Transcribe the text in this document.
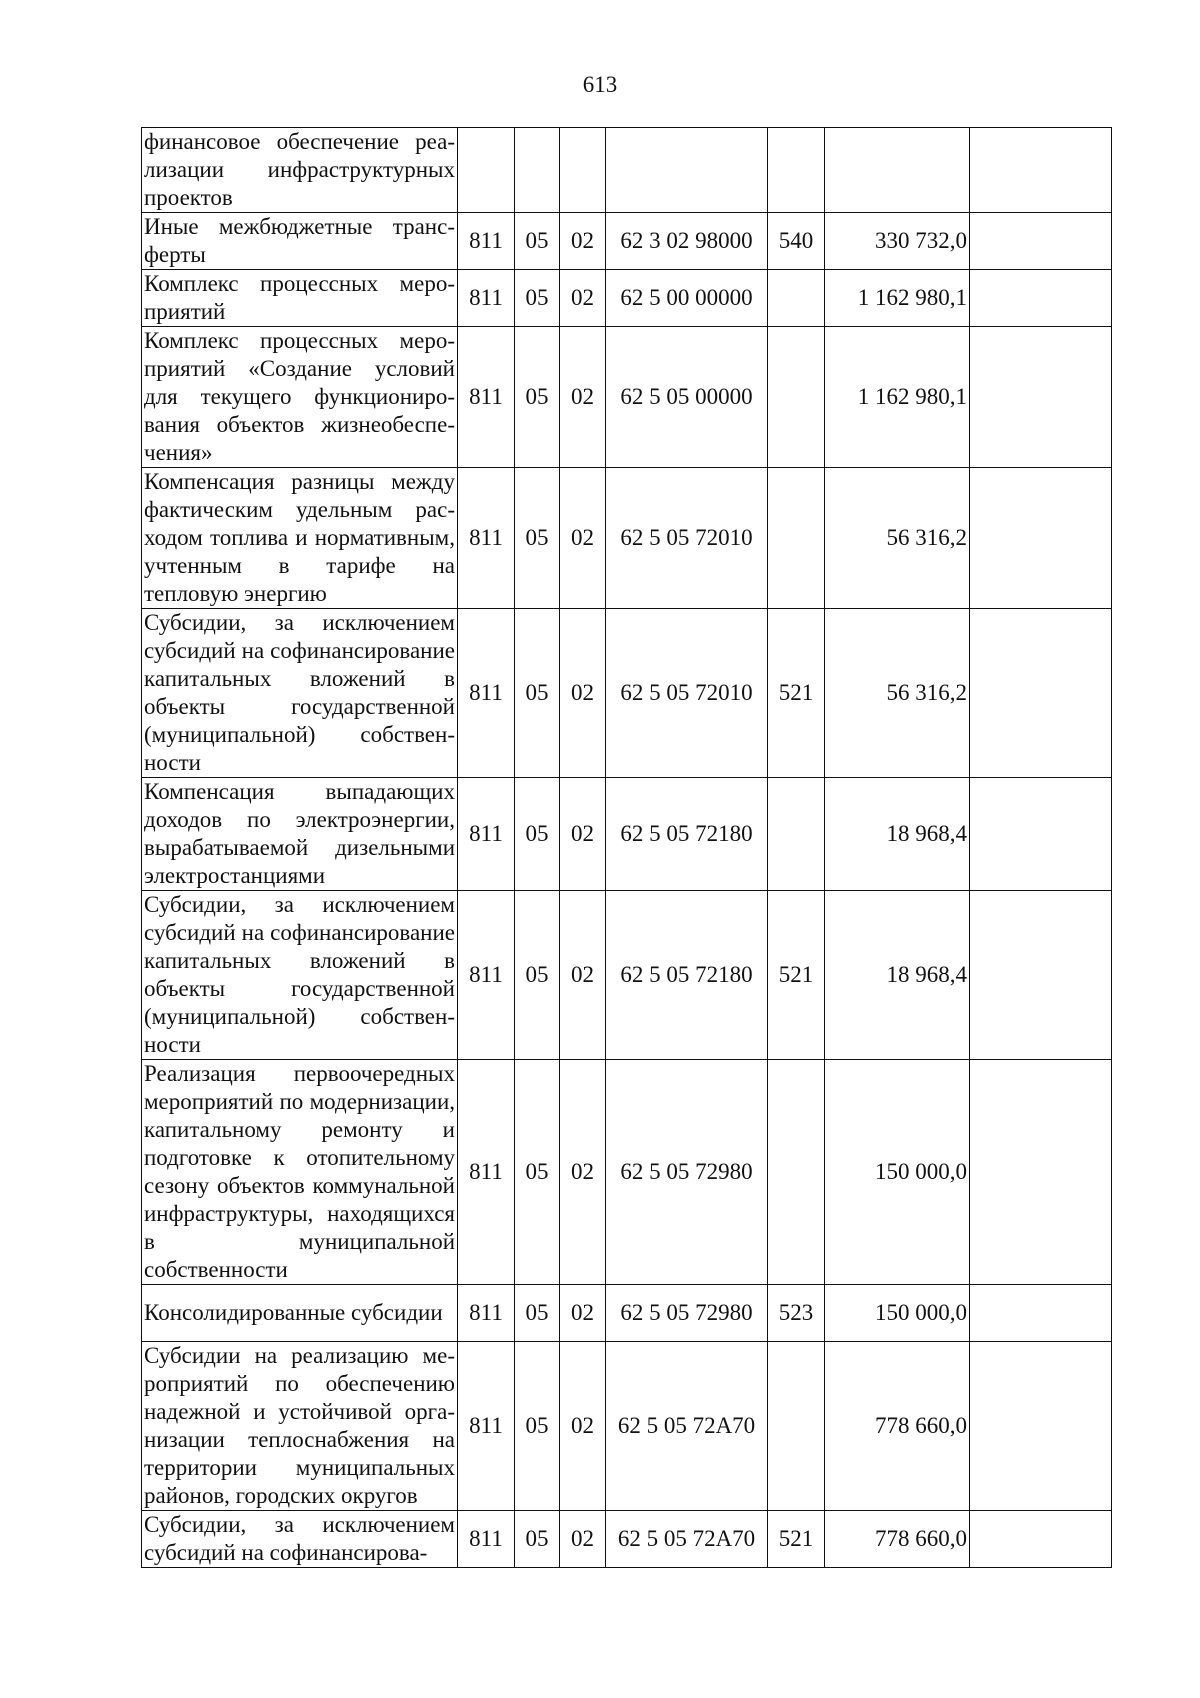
613
финансовое обеспечение реализации инфраструктурных проектов							
Иные межбюджетные трансферты	811	05	02	62 3 02 98000	540	330 732,0	
Комплекс процессных мероприятий	811	05	02	62 5 00 00000		1 162 980,1	
Комплекс процессных мероприятий «Создание условий для текущего функционирования объектов жизнеобеспечения»	811	05	02	62 5 05 00000		1 162 980,1	
Компенсация разницы между фактическим удельным расходом топлива и нормативным, учтенным в тарифе на тепловую энергию	811	05	02	62 5 05 72010		56 316,2	
Субсидии, за исключением субсидий на софинансирование капитальных вложений в объекты государственной (муниципальной) собственности	811	05	02	62 5 05 72010	521	56 316,2	
Компенсация выпадающих доходов по электроэнергии, вырабатываемой дизельными электростанциями	811	05	02	62 5 05 72180		18 968,4	
Субсидии, за исключением субсидий на софинансирование капитальных вложений в объекты государственной (муниципальной) собственности	811	05	02	62 5 05 72180	521	18 968,4	
Реализация первоочередных мероприятий по модернизации, капитальному ремонту и подготовке к отопительному сезону объектов коммунальной инфраструктуры, находящихся в муниципальной собственности	811	05	02	62 5 05 72980		150 000,0	
Консолидированные субсидии	811	05	02	62 5 05 72980	523	150 000,0	
Субсидии на реализацию мероприятий по обеспечению надежной и устойчивой организации теплоснабжения на территории муниципальных районов, городских округов	811	05	02	62 5 05 72А70		778 660,0	
Субсидии, за исключением субсидий на софинансирова-	811	05	02	62 5 05 72А70	521	778 660,0	
